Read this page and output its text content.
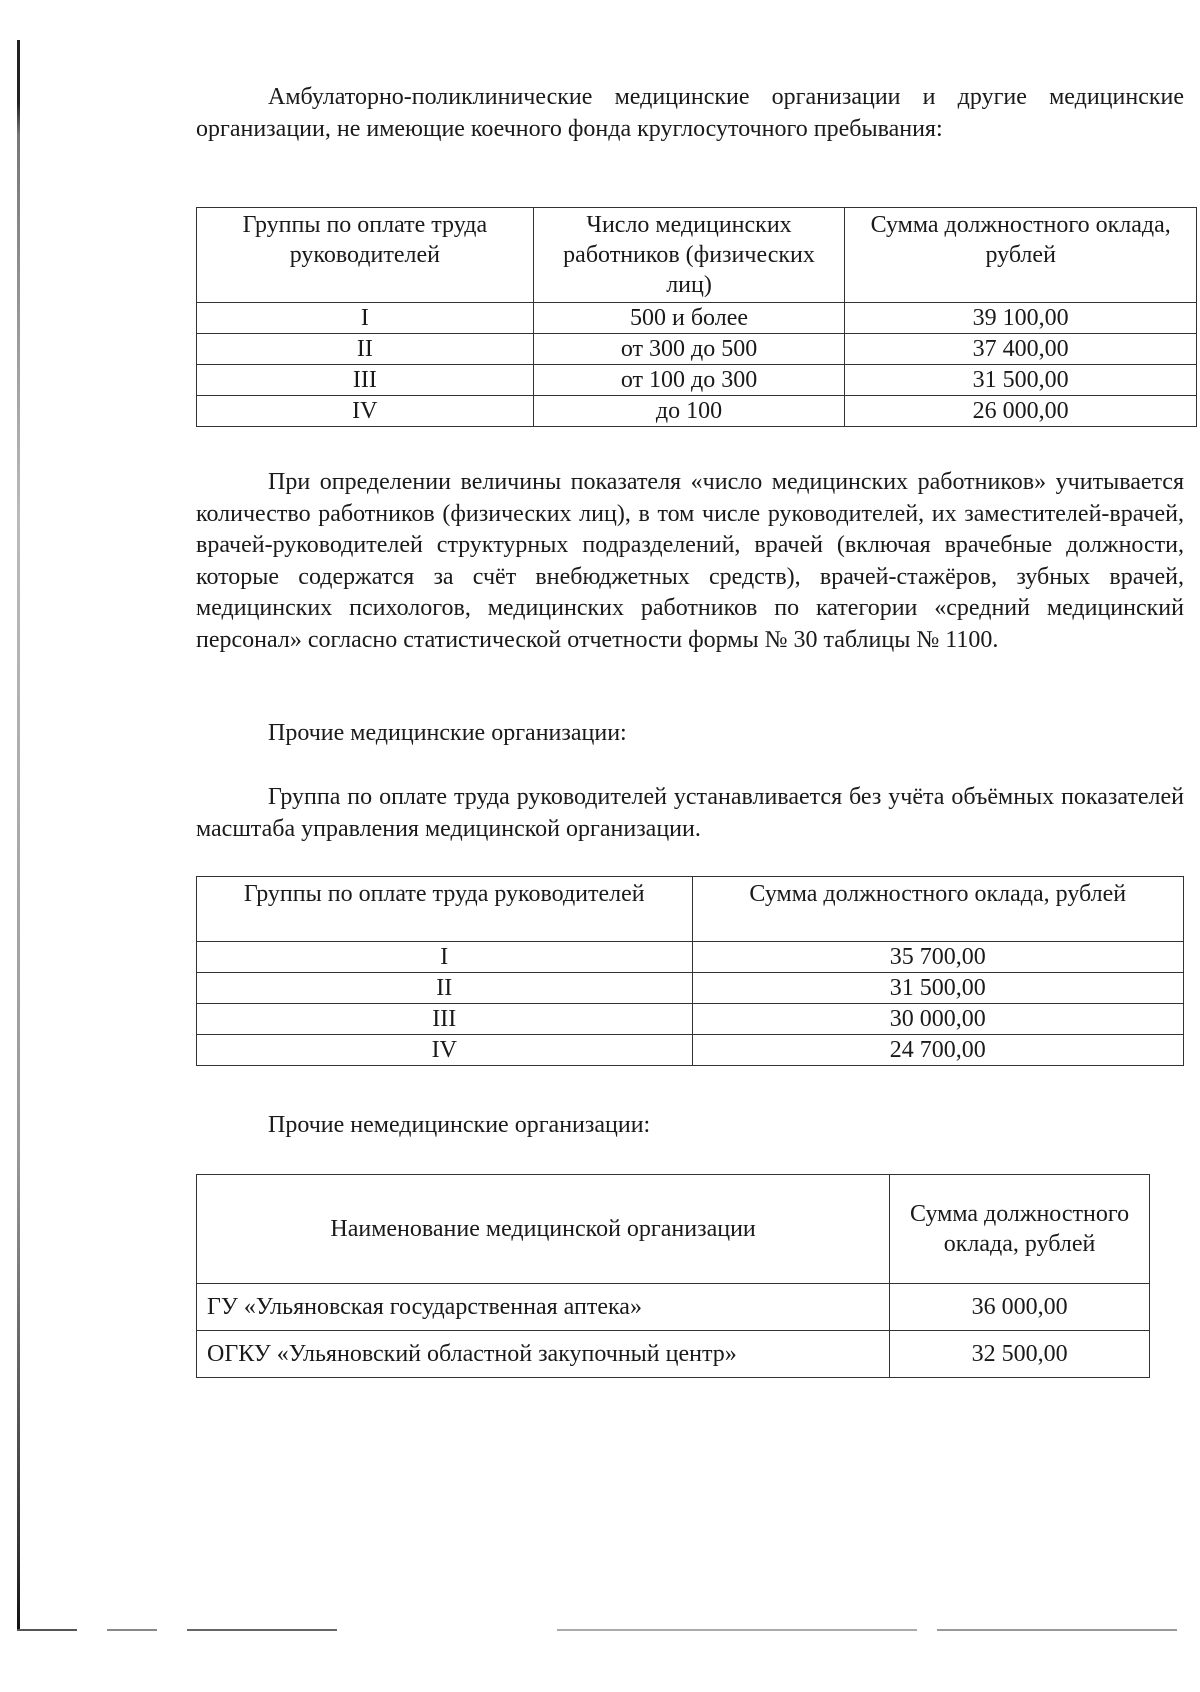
Амбулаторно-поликлинические медицинские организации и другие медицинские организации, не имеющие коечного фонда круглосуточного пребывания:

Группы по оплате труда руководителей	Число медицинских работников (физических лиц)	Сумма должностного оклада, рублей
I	500 и более	39 100,00
II	от 300 до 500	37 400,00
III	от 100 до 300	31 500,00
IV	до 100	26 000,00

При определении величины показателя «число медицинских работников» учитывается количество работников (физических лиц), в том числе руководителей, их заместителей-врачей, врачей-руководителей структурных подразделений, врачей (включая врачебные должности, которые содержатся за счёт внебюджетных средств), врачей-стажёров, зубных врачей, медицинских психологов, медицинских работников по категории «средний медицинский персонал» согласно статистической отчетности формы № 30 таблицы № 1100.

Прочие медицинские организации:

Группа по оплате труда руководителей устанавливается без учёта объёмных показателей масштаба управления медицинской организации.

Группы по оплате труда руководителей	Сумма должностного оклада, рублей
I	35 700,00
II	31 500,00
III	30 000,00
IV	24 700,00

Прочие немедицинские организации:

Наименование медицинской организации	Сумма должностного оклада, рублей
ГУ «Ульяновская государственная аптека»	36 000,00
ОГКУ «Ульяновский областной закупочный центр»	32 500,00
